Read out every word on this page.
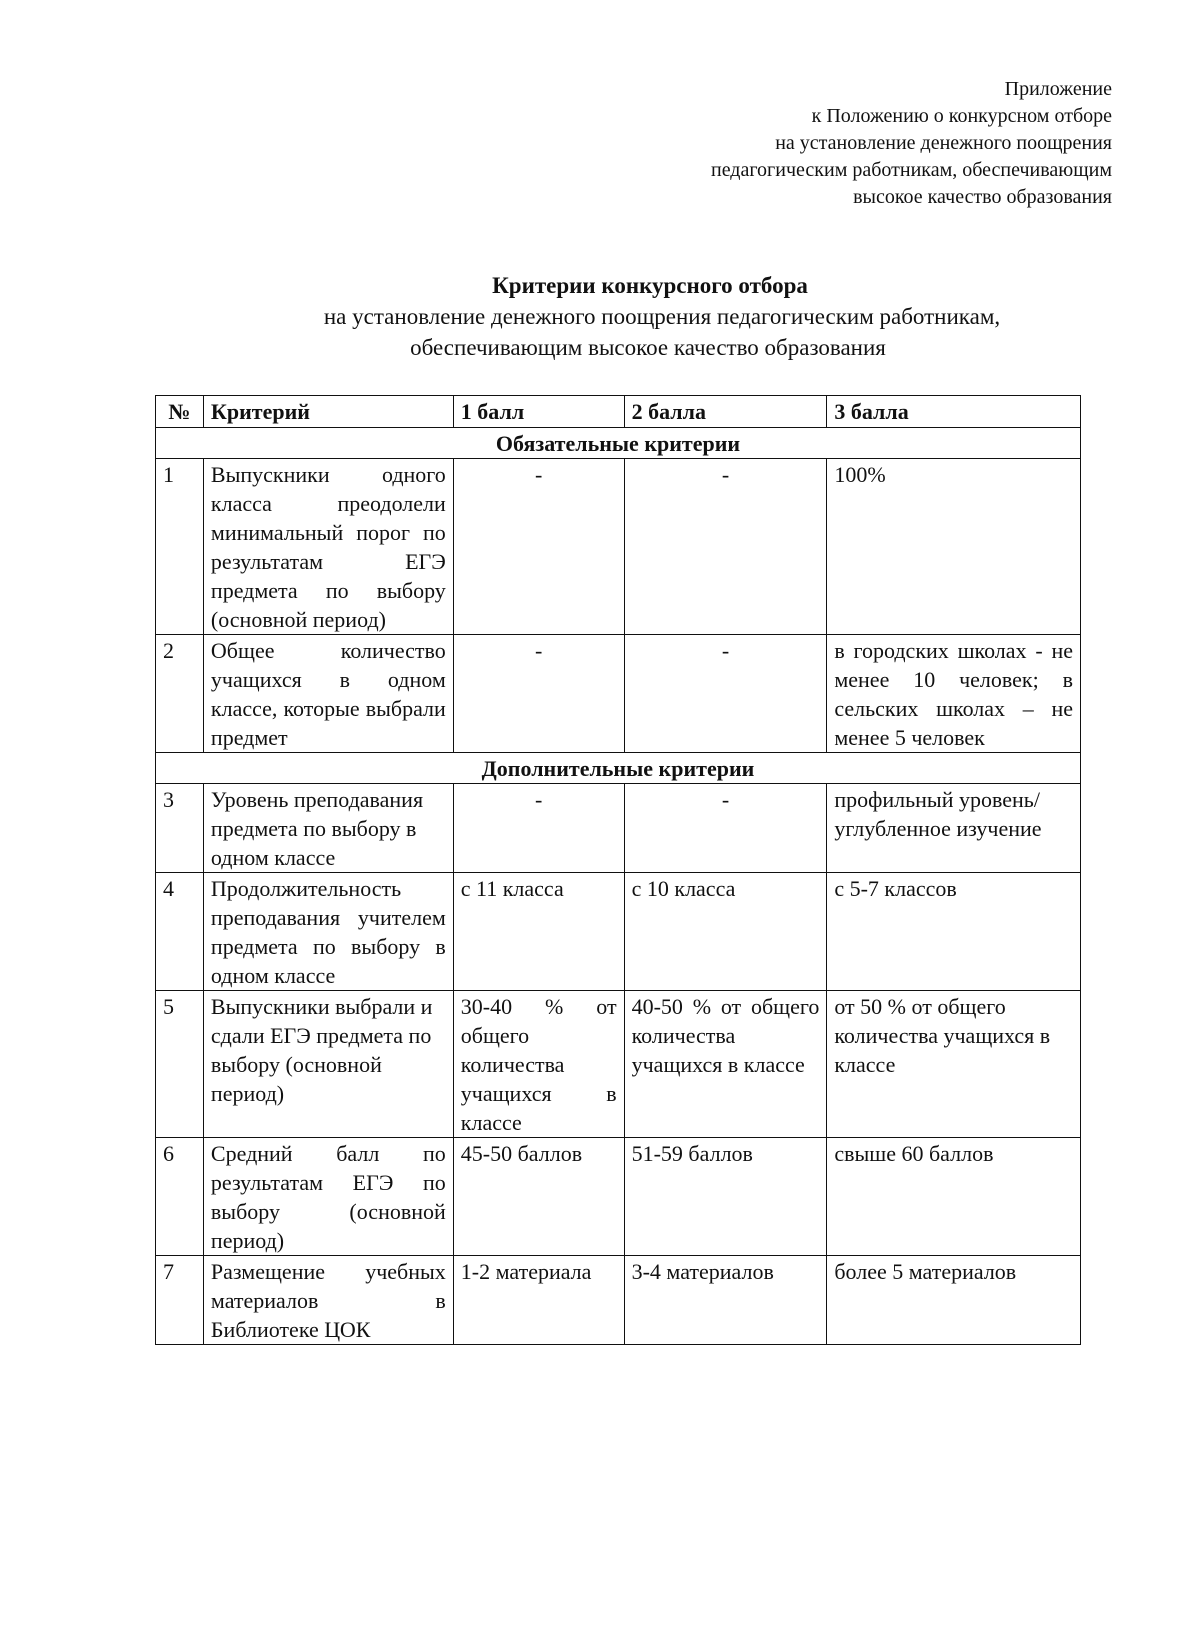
Приложение
к Положению о конкурсном отборе
на установление денежного поощрения
педагогическим работникам, обеспечивающим
высокое качество образования
Критерии конкурсного отбора
на установление денежного поощрения педагогическим работникам,
обеспечивающим высокое качество образования
№	Критерий	1 балл	2 балла	3 балла
Обязательные критерии				
1	Выпускники одного класса преодолели минимальный порог по результатам ЕГЭ предмета по выбору (основной период)	-	-	100%
2	Общее количество учащихся в одном классе, которые выбрали предмет	-	-	в городских школах - не менее 10 человек; в сельских школах – не менее 5 человек
Дополнительные критерии				
3	Уровень преподавания предмета по выбору в одном классе	-	-	профильный уровень/углубленное изучение
4	Продолжительность преподавания учителем предмета по выбору в одном классе	с 11 класса	с 10 класса	с 5-7 классов
5	Выпускники выбрали и сдали ЕГЭ предмета по выбору (основной период)	30-40 % от общего количества учащихся в классе	40-50 % от общего количества учащихся в классе	от 50 % от общего количества учащихся в классе
6	Средний балл по результатам ЕГЭ по выбору (основной период)	45-50 баллов	51-59 баллов	свыше 60 баллов
7	Размещение учебных материалов в Библиотеке ЦОК	1-2 материала	3-4 материалов	более 5 материалов
